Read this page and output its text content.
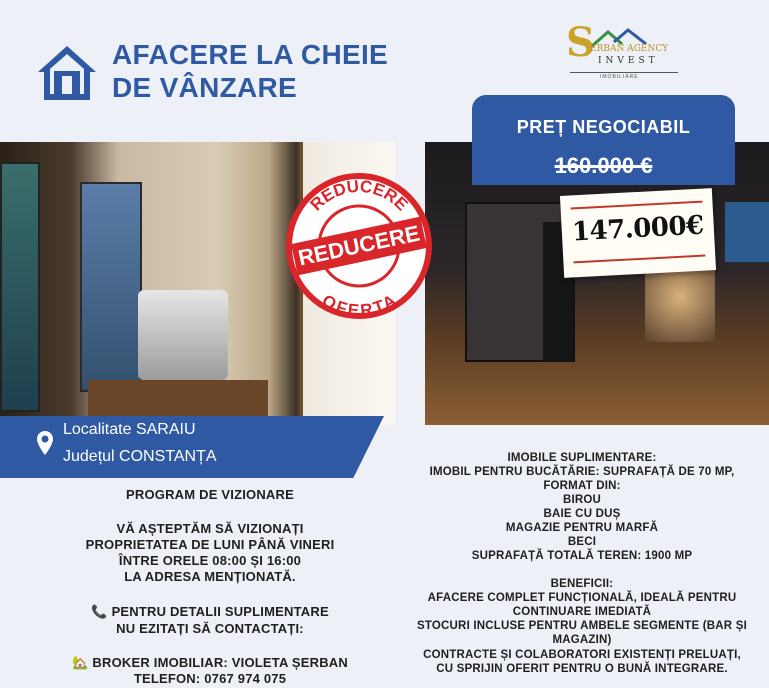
AFACERE LA CHEIE
DE VÂNZARE
S
ERBAN AGENCY
INVEST
IMOBILIARE
REDUCERE
OFERTA
REDUCERE
PREȚ NEGOCIABIL
160.000 €
147.000€
Localitate SARAIU
Județul CONSTANȚA
PROGRAM DE VIZIONARE
VĂ AȘTEPTĂM SĂ VIZIONAȚI
PROPRIETATEA DE LUNI PÂNĂ VINERI
ÎNTRE ORELE 08:00 ȘI 16:00
LA ADRESA MENȚIONATĂ.
📞 PENTRU DETALII SUPLIMENTARE
NU EZITAȚI SĂ CONTACTAȚI:
🏡 BROKER IMOBILIAR: VIOLETA ȘERBAN
TELEFON: 0767 974 075
IMOBILE SUPLIMENTARE:
IMOBIL PENTRU BUCĂTĂRIE: SUPRAFAȚĂ DE 70 MP,
FORMAT DIN:
BIROU
BAIE CU DUȘ
MAGAZIE PENTRU MARFĂ
BECI
SUPRAFAȚĂ TOTALĂ TEREN: 1900 MP
BENEFICII:
AFACERE COMPLET FUNCȚIONALĂ, IDEALĂ PENTRU
CONTINUARE IMEDIATĂ
STOCURI INCLUSE PENTRU AMBELE SEGMENTE (BAR ȘI
MAGAZIN)
CONTRACTE ȘI COLABORATORI EXISTENȚI PRELUAȚI,
CU SPRIJIN OFERIT PENTRU O BUNĂ INTEGRARE.
